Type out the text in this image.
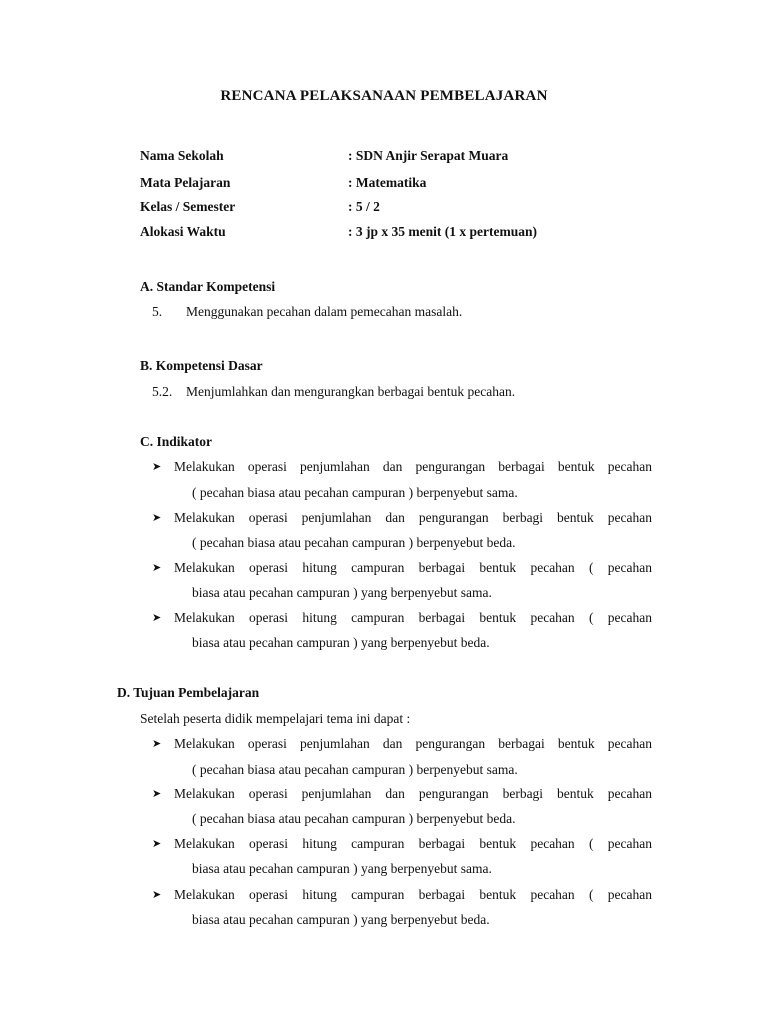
RENCANA PELAKSANAAN PEMBELAJARAN
Nama Sekolah	: SDN Anjir Serapat Muara
Mata Pelajaran	: Matematika
Kelas / Semester	: 5 / 2
Alokasi Waktu	: 3 jp x 35 menit (1 x pertemuan)
A. Standar Kompetensi
5. Menggunakan pecahan dalam pemecahan masalah.
B. Kompetensi Dasar
5.2. Menjumlahkan dan mengurangkan berbagai bentuk pecahan.
C. Indikator
➤ Melakukan operasi penjumlahan dan pengurangan berbagai bentuk pecahan
( pecahan biasa atau pecahan campuran ) berpenyebut sama.
➤ Melakukan operasi penjumlahan dan pengurangan berbagi bentuk pecahan
( pecahan biasa atau pecahan campuran ) berpenyebut beda.
➤ Melakukan operasi hitung campuran berbagai bentuk pecahan ( pecahan
biasa atau pecahan campuran ) yang berpenyebut sama.
➤ Melakukan operasi hitung campuran berbagai bentuk pecahan ( pecahan
biasa atau pecahan campuran ) yang berpenyebut beda.
D. Tujuan Pembelajaran
Setelah peserta didik mempelajari tema ini dapat :
➤ Melakukan operasi penjumlahan dan pengurangan berbagai bentuk pecahan
( pecahan biasa atau pecahan campuran ) berpenyebut sama.
➤ Melakukan operasi penjumlahan dan pengurangan berbagi bentuk pecahan
( pecahan biasa atau pecahan campuran ) berpenyebut beda.
➤ Melakukan operasi hitung campuran berbagai bentuk pecahan ( pecahan
biasa atau pecahan campuran ) yang berpenyebut sama.
➤ Melakukan operasi hitung campuran berbagai bentuk pecahan ( pecahan
biasa atau pecahan campuran ) yang berpenyebut beda.
